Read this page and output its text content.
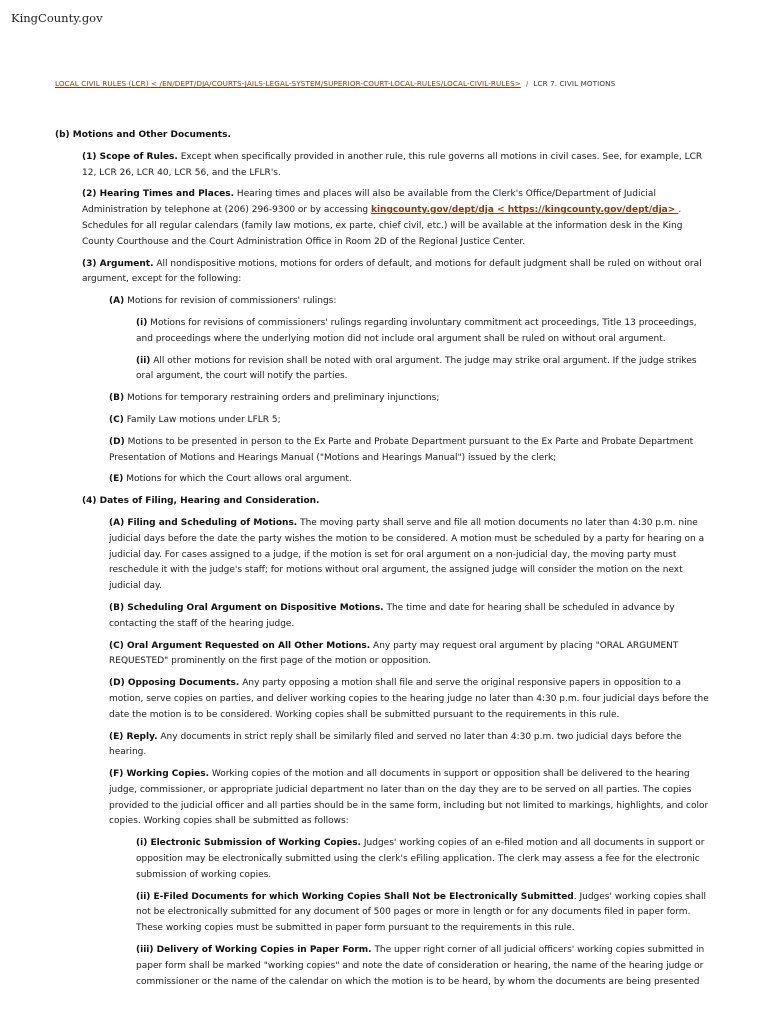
KingCounty.gov
LOCAL CIVIL RULES (LCR) < /EN/DEPT/DJA/COURTS-JAILS-LEGAL-SYSTEM/SUPERIOR-COURT-LOCAL-RULES/LOCAL-CIVIL-RULES> / LCR 7. CIVIL MOTIONS

(b) Motions and Other Documents.

(1) Scope of Rules. Except when specifically provided in another rule, this rule governs all motions in civil cases. See, for example, LCR 12, LCR 26, LCR 40, LCR 56, and the LFLR's.

(2) Hearing Times and Places. Hearing times and places will also be available from the Clerk's Office/Department of Judicial Administration by telephone at (206) 296-9300 or by accessing kingcounty.gov/dept/dja < https://kingcounty.gov/dept/dja> . Schedules for all regular calendars (family law motions, ex parte, chief civil, etc.) will be available at the information desk in the King County Courthouse and the Court Administration Office in Room 2D of the Regional Justice Center.

(3) Argument. All nondispositive motions, motions for orders of default, and motions for default judgment shall be ruled on without oral argument, except for the following:

(A) Motions for revision of commissioners' rulings:

(i) Motions for revisions of commissioners' rulings regarding involuntary commitment act proceedings, Title 13 proceedings, and proceedings where the underlying motion did not include oral argument shall be ruled on without oral argument.

(ii) All other motions for revision shall be noted with oral argument. The judge may strike oral argument. If the judge strikes oral argument, the court will notify the parties.

(B) Motions for temporary restraining orders and preliminary injunctions;

(C) Family Law motions under LFLR 5;

(D) Motions to be presented in person to the Ex Parte and Probate Department pursuant to the Ex Parte and Probate Department Presentation of Motions and Hearings Manual ("Motions and Hearings Manual") issued by the clerk;

(E) Motions for which the Court allows oral argument.

(4) Dates of Filing, Hearing and Consideration.

(A) Filing and Scheduling of Motions. The moving party shall serve and file all motion documents no later than 4:30 p.m. nine judicial days before the date the party wishes the motion to be considered. A motion must be scheduled by a party for hearing on a judicial day. For cases assigned to a judge, if the motion is set for oral argument on a non-judicial day, the moving party must reschedule it with the judge's staff; for motions without oral argument, the assigned judge will consider the motion on the next judicial day.

(B) Scheduling Oral Argument on Dispositive Motions. The time and date for hearing shall be scheduled in advance by contacting the staff of the hearing judge.

(C) Oral Argument Requested on All Other Motions. Any party may request oral argument by placing "ORAL ARGUMENT REQUESTED" prominently on the first page of the motion or opposition.

(D) Opposing Documents. Any party opposing a motion shall file and serve the original responsive papers in opposition to a motion, serve copies on parties, and deliver working copies to the hearing judge no later than 4:30 p.m. four judicial days before the date the motion is to be considered. Working copies shall be submitted pursuant to the requirements in this rule.

(E) Reply. Any documents in strict reply shall be similarly filed and served no later than 4:30 p.m. two judicial days before the hearing.

(F) Working Copies. Working copies of the motion and all documents in support or opposition shall be delivered to the hearing judge, commissioner, or appropriate judicial department no later than on the day they are to be served on all parties. The copies provided to the judicial officer and all parties should be in the same form, including but not limited to markings, highlights, and color copies. Working copies shall be submitted as follows:

(i) Electronic Submission of Working Copies. Judges' working copies of an e-filed motion and all documents in support or opposition may be electronically submitted using the clerk's eFiling application. The clerk may assess a fee for the electronic submission of working copies.

(ii) E-Filed Documents for which Working Copies Shall Not be Electronically Submitted. Judges' working copies shall not be electronically submitted for any document of 500 pages or more in length or for any documents filed in paper form. These working copies must be submitted in paper form pursuant to the requirements in this rule.

(iii) Delivery of Working Copies in Paper Form. The upper right corner of all judicial officers' working copies submitted in paper form shall be marked "working copies" and note the date of consideration or hearing, the name of the hearing judge or commissioner or the name of the calendar on which the motion is to be heard, by whom the documents are being presented
